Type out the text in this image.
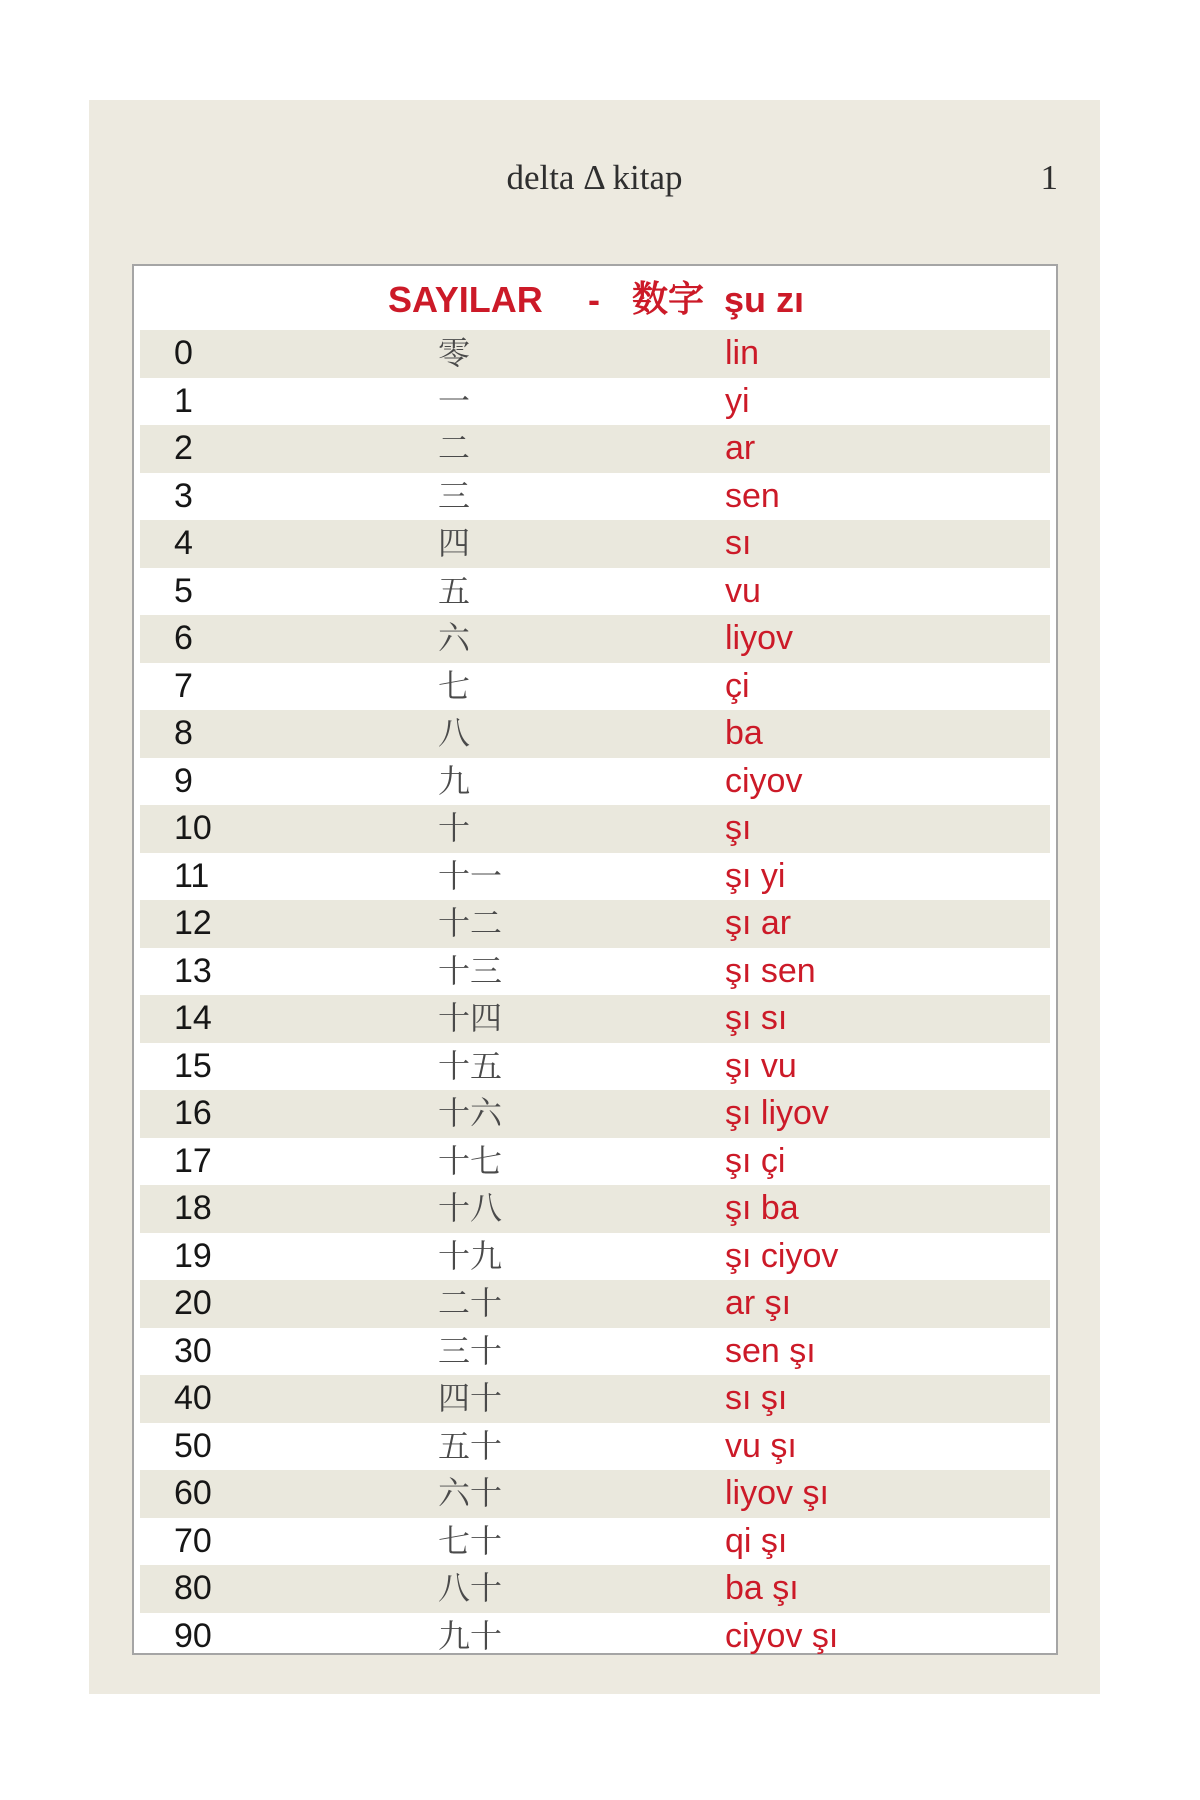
delta Δ kitap	1
SAYILAR - 数字 şu zı
0	零	lin
1	一	yi
2	二	ar
3	三	sen
4	四	sı
5	五	vu
6	六	liyov
7	七	çi
8	八	ba
9	九	ciyov
10	十	şı
11	十一	şı yi
12	十二	şı ar
13	十三	şı sen
14	十四	şı sı
15	十五	şı vu
16	十六	şı liyov
17	十七	şı çi
18	十八	şı ba
19	十九	şı ciyov
20	二十	ar şı
30	三十	sen şı
40	四十	sı şı
50	五十	vu şı
60	六十	liyov şı
70	七十	qi şı
80	八十	ba şı
90	九十	ciyov şı
